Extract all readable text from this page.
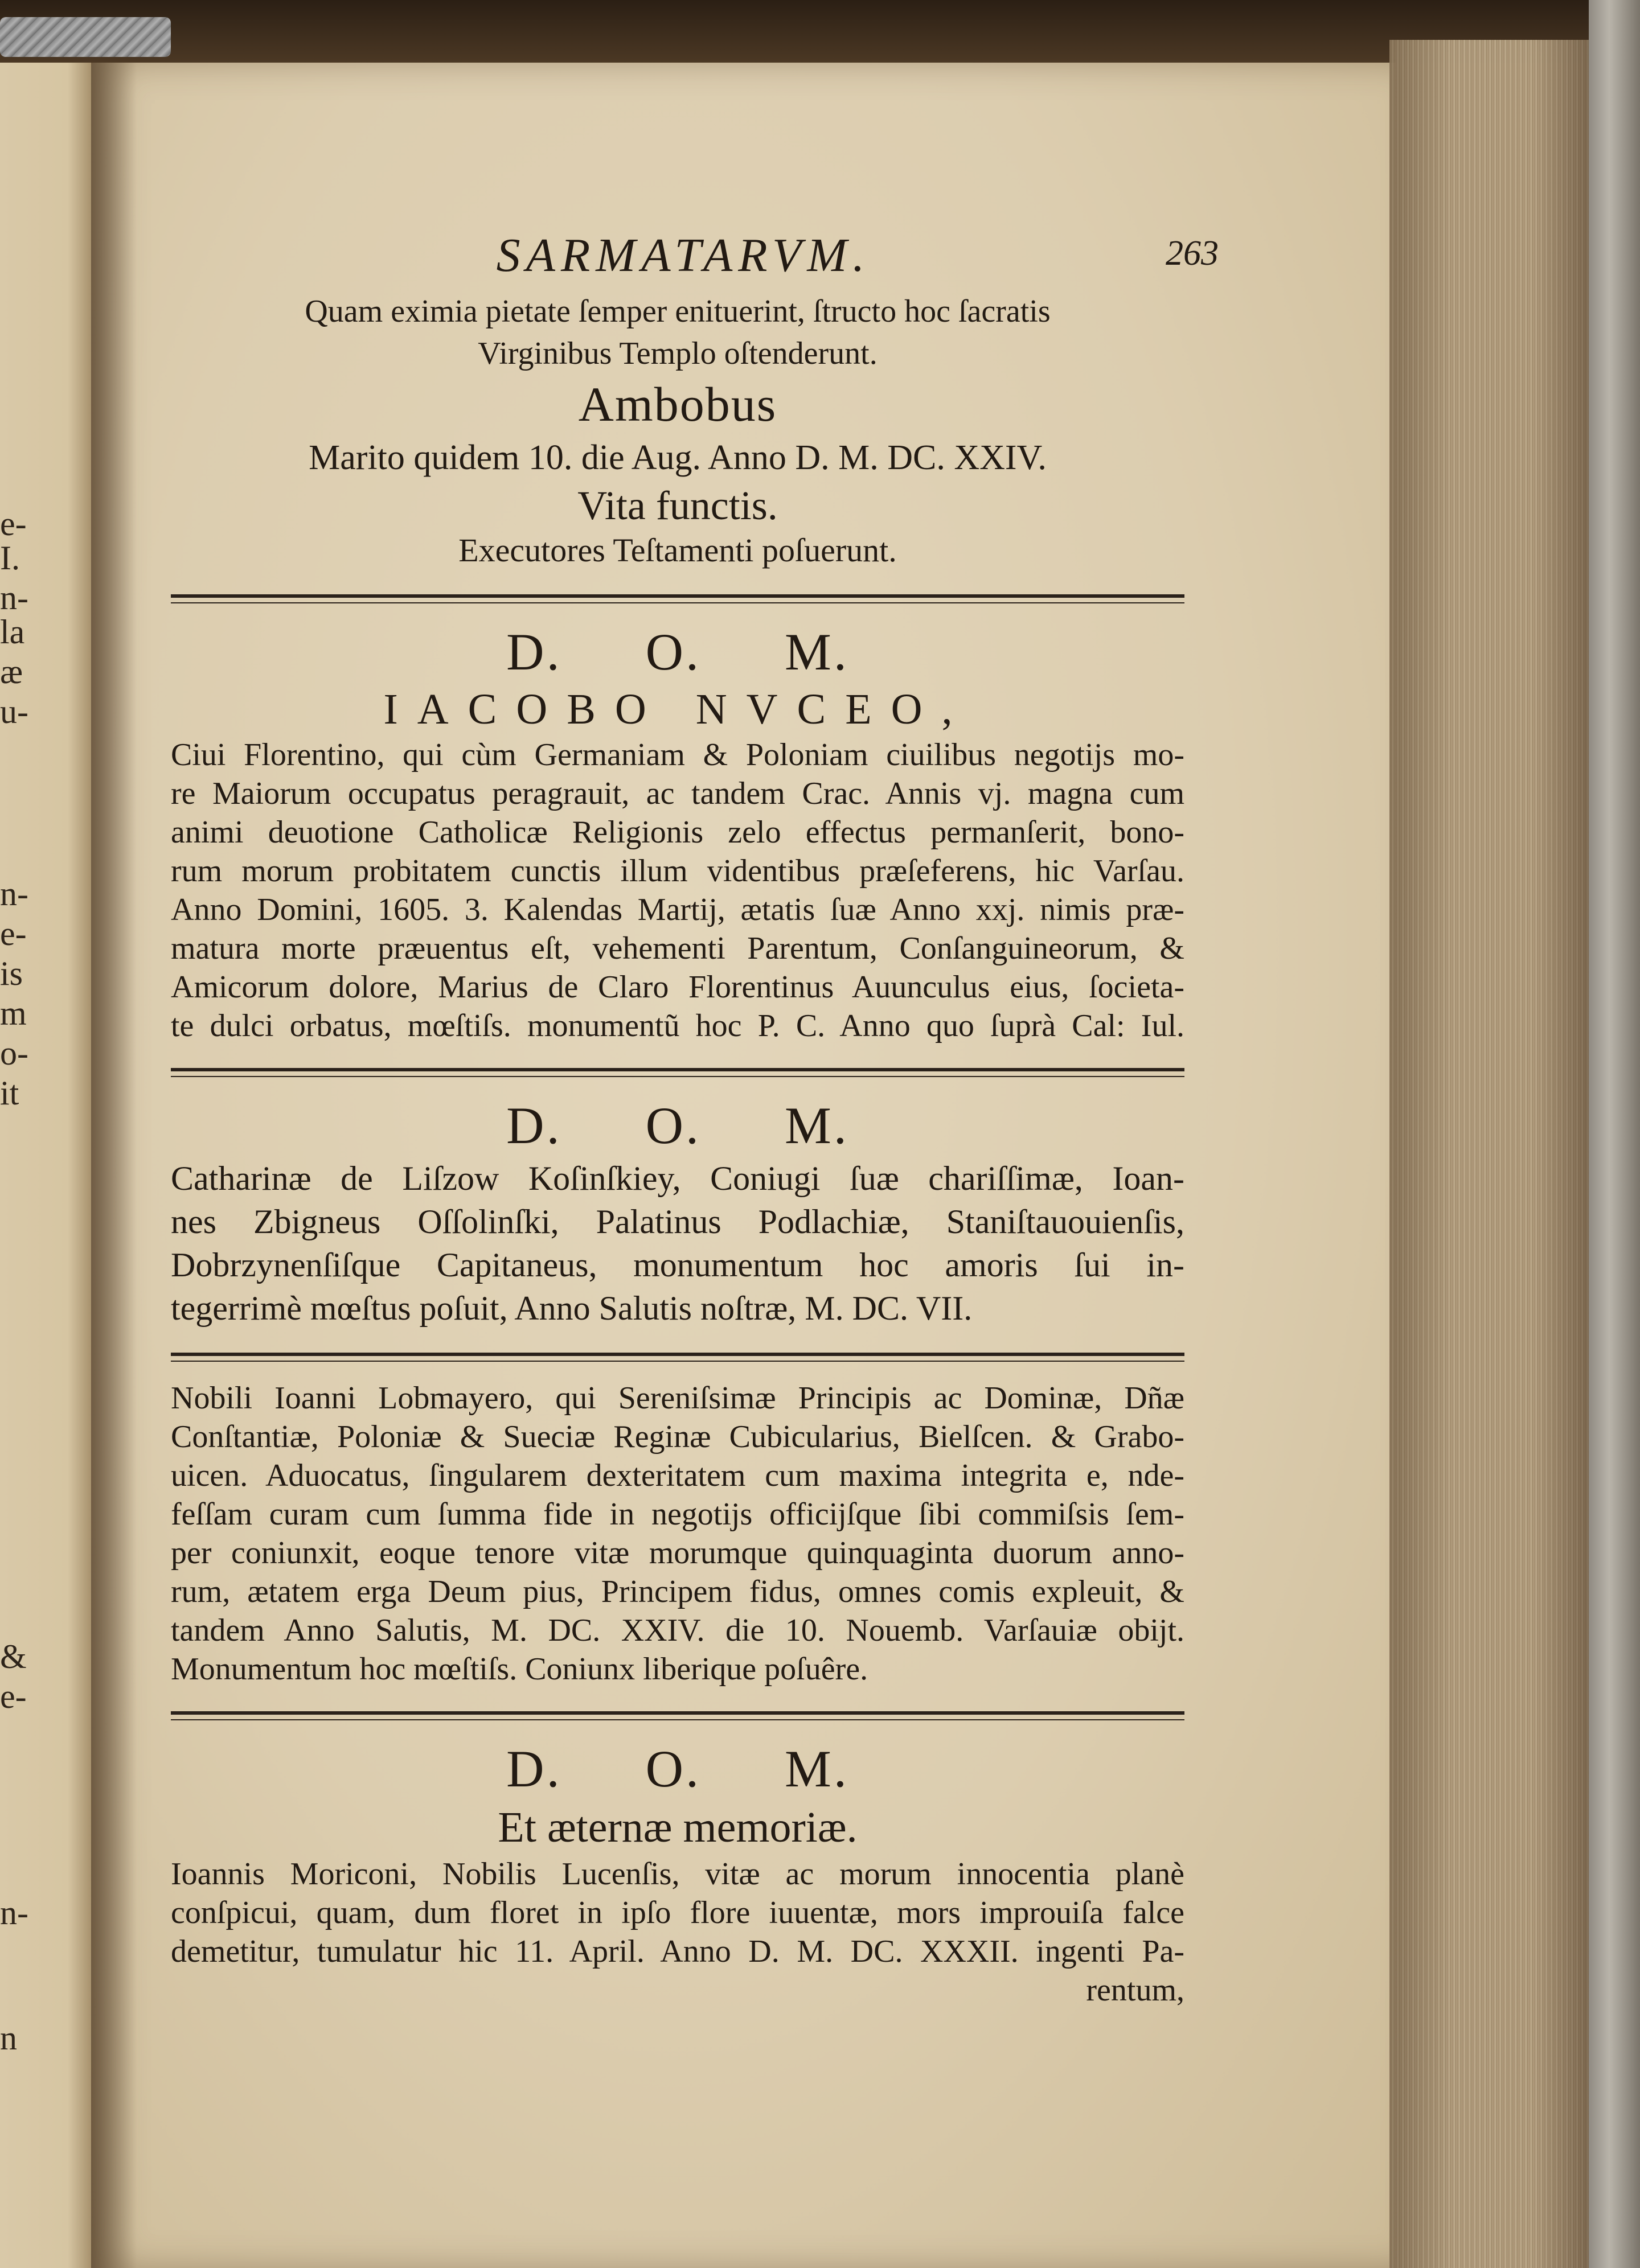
e-
I.
n-
la
æ
u-
n-
e-
is
m
o-
it
&
e-
n-
n
SARMATARVM.	263
Quam eximia pietate ſemper enituerint, ſtructo hoc ſacratis
Virginibus Templo oſtenderunt.
Ambobus
Marito quidem 10. die Aug. Anno D. M. DC. XXIV.
Vita functis.
Executores Teſtamenti poſuerunt.
D. O. M.
IACOBO NVCEO,
Ciui Florentino, qui cùm Germaniam & Poloniam ciuilibus negotijs mo-
re Maiorum occupatus peragrauit, ac tandem Crac. Annis vj. magna cum
animi deuotione Catholicæ Religionis zelo effectus permanſerit, bono-
rum morum probitatem cunctis illum videntibus præſeferens, hic Varſau.
Anno Domini, 1605. 3. Kalendas Martij, ætatis ſuæ Anno xxj. nimis præ-
matura morte præuentus eſt, vehementi Parentum, Conſanguineorum, &
Amicorum dolore, Marius de Claro Florentinus Auunculus eius, ſocieta-
te dulci orbatus, mœſtiſs. monumentũ hoc P. C. Anno quo ſuprà Cal: Iul.
D. O. M.
Catharinæ de Liſzow Koſinſkiey, Coniugi ſuæ chariſſimæ, Ioan-
nes Zbigneus Oſſolinſki, Palatinus Podlachiæ, Staniſtauouienſis,
Dobrzynenſiſque Capitaneus, monumentum hoc amoris ſui in-
tegerrimè mœſtus poſuit, Anno Salutis noſtræ, M. DC. VII.
Nobili Ioanni Lobmayero, qui Sereniſsimæ Principis ac Dominæ, Dñæ
Conſtantiæ, Poloniæ & Sueciæ Reginæ Cubicularius, Bielſcen. & Grabo-
uicen. Aduocatus, ſingularem dexteritatem cum maxima integrita e, nde-
feſſam curam cum ſumma fide in negotijs officijſque ſibi commiſsis ſem-
per coniunxit, eoque tenore vitæ morumque quinquaginta duorum anno-
rum, ætatem erga Deum pius, Principem fidus, omnes comis expleuit, &
tandem Anno Salutis, M. DC. XXIV. die 10. Nouemb. Varſauiæ obijt.
Monumentum hoc mœſtiſs. Coniunx liberique poſuêre.
D. O. M.
Et æternæ memoriæ.
Ioannis Moriconi, Nobilis Lucenſis, vitæ ac morum innocentia planè
conſpicui, quam, dum floret in ipſo flore iuuentæ, mors improuiſa falce
demetitur, tumulatur hic 11. April. Anno D. M. DC. XXXII. ingenti Pa-
rentum,
